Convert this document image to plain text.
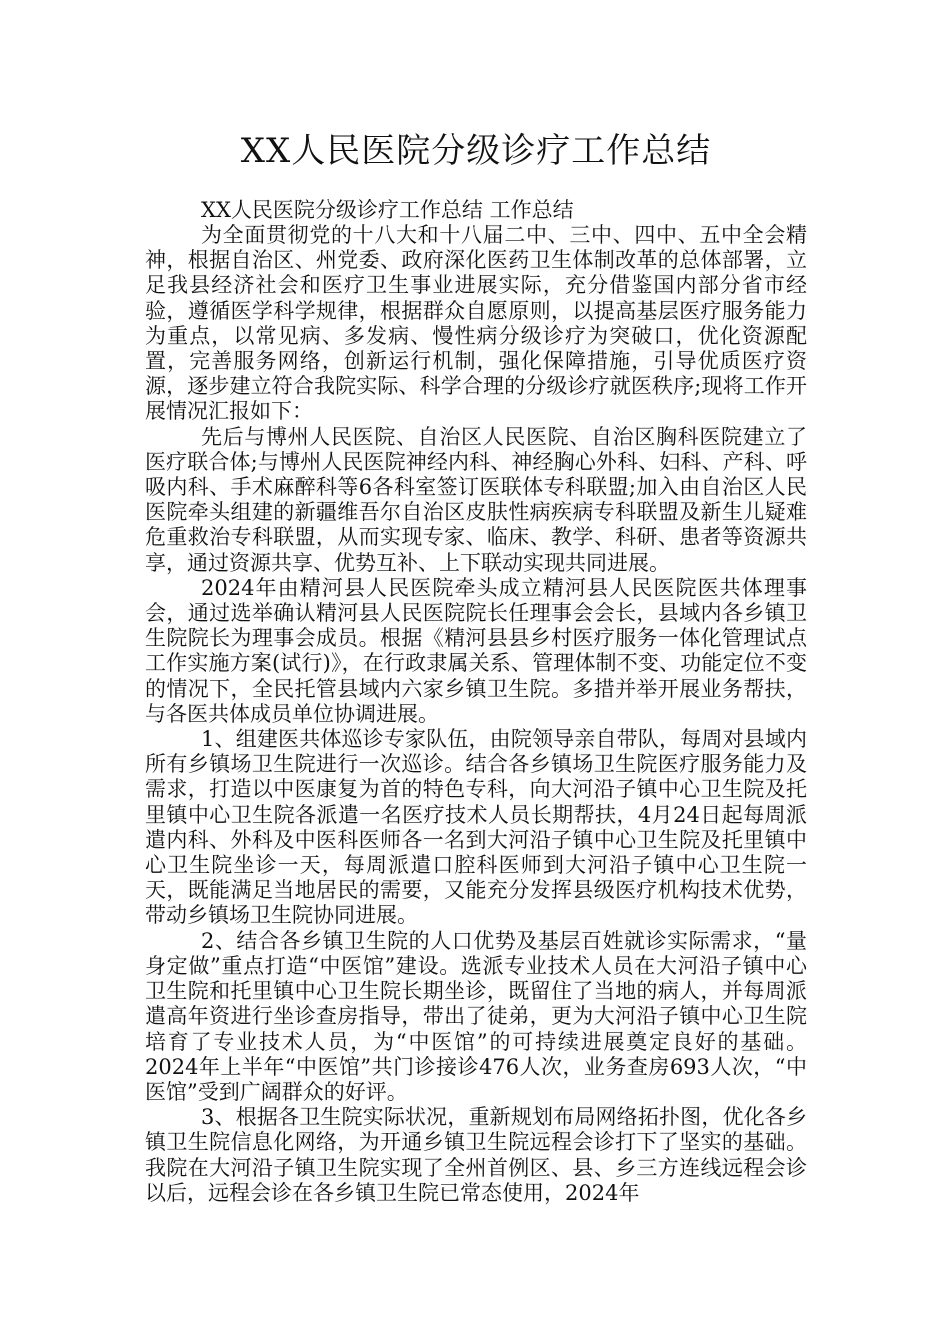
XX人民医院分级诊疗工作总结

XX人民医院分级诊疗工作总结 工作总结

为全面贯彻党的十八大和十八届二中、三中、四中、五中全会精神，根据自治区、州党委、政府深化医药卫生体制改革的总体部署，立足我县经济社会和医疗卫生事业进展实际，充分借鉴国内部分省市经验，遵循医学科学规律，根据群众自愿原则，以提高基层医疗服务能力为重点，以常见病、多发病、慢性病分级诊疗为突破口，优化资源配置，完善服务网络，创新运行机制，强化保障措施，引导优质医疗资源，逐步建立符合我院实际、科学合理的分级诊疗就医秩序;现将工作开展情况汇报如下：

先后与博州人民医院、自治区人民医院、自治区胸科医院建立了医疗联合体;与博州人民医院神经内科、神经胸心外科、妇科、产科、呼吸内科、手术麻醉科等6各科室签订医联体专科联盟;加入由自治区人民医院牵头组建的新疆维吾尔自治区皮肤性病疾病专科联盟及新生儿疑难危重救治专科联盟，从而实现专家、临床、教学、科研、患者等资源共享，通过资源共享、优势互补、上下联动实现共同进展。

2024年由精河县人民医院牵头成立精河县人民医院医共体理事会，通过选举确认精河县人民医院院长任理事会会长，县域内各乡镇卫生院院长为理事会成员。根据《精河县县乡村医疗服务一体化管理试点工作实施方案(试行)》，在行政隶属关系、管理体制不变、功能定位不变的情况下，全民托管县域内六家乡镇卫生院。多措并举开展业务帮扶，与各医共体成员单位协调进展。

1、组建医共体巡诊专家队伍，由院领导亲自带队，每周对县域内所有乡镇场卫生院进行一次巡诊。结合各乡镇场卫生院医疗服务能力及需求，打造以中医康复为首的特色专科，向大河沿子镇中心卫生院及托里镇中心卫生院各派遣一名医疗技术人员长期帮扶，4月24日起每周派遣内科、外科及中医科医师各一名到大河沿子镇中心卫生院及托里镇中心卫生院坐诊一天，每周派遣口腔科医师到大河沿子镇中心卫生院一天，既能满足当地居民的需要，又能充分发挥县级医疗机构技术优势，带动乡镇场卫生院协同进展。

2、结合各乡镇卫生院的人口优势及基层百姓就诊实际需求，“量身定做”重点打造“中医馆”建设。选派专业技术人员在大河沿子镇中心卫生院和托里镇中心卫生院长期坐诊，既留住了当地的病人，并每周派遣高年资进行坐诊查房指导，带出了徒弟，更为大河沿子镇中心卫生院培育了专业技术人员，为“中医馆”的可持续进展奠定良好的基础。2024年上半年“中医馆”共门诊接诊476人次，业务查房693人次，“中医馆”受到广阔群众的好评。

3、根据各卫生院实际状况，重新规划布局网络拓扑图，优化各乡镇卫生院信息化网络，为开通乡镇卫生院远程会诊打下了坚实的基础。我院在大河沿子镇卫生院实现了全州首例区、县、乡三方连线远程会诊以后，远程会诊在各乡镇卫生院已常态使用，2024年
